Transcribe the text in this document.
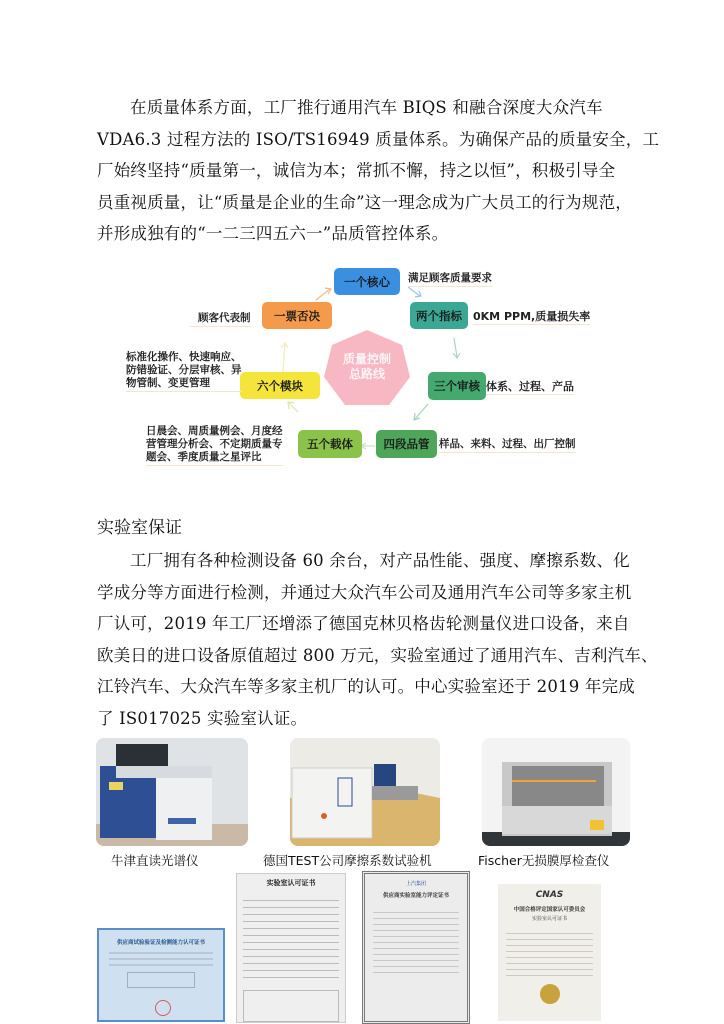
在质量体系方面，工厂推行通用汽车 BIQS 和融合深度大众汽车
VDA6.3 过程方法的 ISO/TS16949 质量体系。为确保产品的质量安全，工
厂始终坚持“质量第一，诚信为本；常抓不懈，持之以恒”，积极引导全
员重视质量，让“质量是企业的生命”这一理念成为广大员工的行为规范，
并形成独有的“一二三四五六一”品质管控体系。

质量控制
总路线
一个核心 满足顾客质量要求
两个指标 0KM PPM,质量损失率
三个审核 体系、过程、产品
四段品管 样品、来料、过程、出厂控制
五个载体
日晨会、周质量例会、月度经
营管理分析会、不定期质量专
题会、季度质量之星评比
六个模块
标准化操作、快速响应、
防错验证、分层审核、异
物管制、变更管理
一票否决
顾客代表制
实验室保证

工厂拥有各种检测设备 60 余台，对产品性能、强度、摩擦系数、化
学成分等方面进行检测，并通过大众汽车公司及通用汽车公司等多家主机
厂认可，2019 年工厂还增添了德国克林贝格齿轮测量仪进口设备，来自
欧美日的进口设备原值超过 800 万元，实验室通过了通用汽车、吉利汽车、
江铃汽车、大众汽车等多家主机厂的认可。中心实验室还于 2019 年完成
了 IS017025 实验室认证。

牛津直读光谱仪	德国TEST公司摩擦系数试验机	Fischer无损膜厚检查仪
供应商试验验证及检测能力认可证书
实验室认可证书	上汽集团
供应商实验室能力评定证书	CNAS
中国合格评定国家认可委员会
实验室认可证书
